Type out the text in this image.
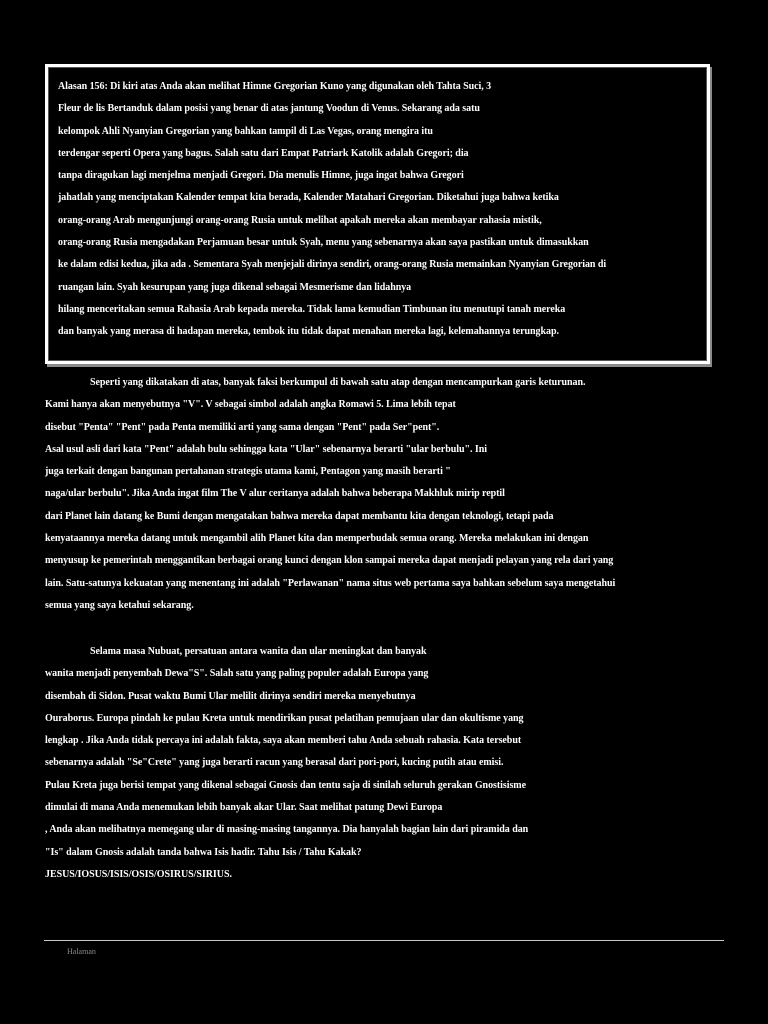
Alasan 156: Di kiri atas Anda akan melihat Himne Gregorian Kuno yang digunakan oleh Tahta Suci, 3
Fleur de lis Bertanduk dalam posisi yang benar di atas jantung Voodun di Venus. Sekarang ada satu
kelompok Ahli Nyanyian Gregorian yang bahkan tampil di Las Vegas, orang mengira itu
terdengar seperti Opera yang bagus. Salah satu dari Empat Patriark Katolik adalah Gregori; dia
tanpa diragukan lagi menjelma menjadi Gregori. Dia menulis Himne, juga ingat bahwa Gregori
jahatlah yang menciptakan Kalender tempat kita berada, Kalender Matahari Gregorian. Diketahui juga bahwa ketika
orang-orang Arab mengunjungi orang-orang Rusia untuk melihat apakah mereka akan membayar rahasia mistik,
orang-orang Rusia mengadakan Perjamuan besar untuk Syah, menu yang sebenarnya akan saya pastikan untuk dimasukkan
ke dalam edisi kedua, jika ada . Sementara Syah menjejali dirinya sendiri, orang-orang Rusia memainkan Nyanyian Gregorian di
ruangan lain. Syah kesurupan yang juga dikenal sebagai Mesmerisme dan lidahnya
hilang menceritakan semua Rahasia Arab kepada mereka. Tidak lama kemudian Timbunan itu menutupi tanah mereka
dan banyak yang merasa di hadapan mereka, tembok itu tidak dapat menahan mereka lagi, kelemahannya terungkap.
Seperti yang dikatakan di atas, banyak faksi berkumpul di bawah satu atap dengan mencampurkan garis keturunan.
Kami hanya akan menyebutnya "V". V sebagai simbol adalah angka Romawi 5. Lima lebih tepat
disebut "Penta" "Pent" pada Penta memiliki arti yang sama dengan "Pent" pada Ser"pent".
Asal usul asli dari kata "Pent" adalah bulu sehingga kata "Ular" sebenarnya berarti "ular berbulu". Ini
juga terkait dengan bangunan pertahanan strategis utama kami, Pentagon yang masih berarti "
naga/ular berbulu". Jika Anda ingat film The V alur ceritanya adalah bahwa beberapa Makhluk mirip reptil
dari Planet lain datang ke Bumi dengan mengatakan bahwa mereka dapat membantu kita dengan teknologi, tetapi pada
kenyataannya mereka datang untuk mengambil alih Planet kita dan memperbudak semua orang. Mereka melakukan ini dengan
menyusup ke pemerintah menggantikan berbagai orang kunci dengan klon sampai mereka dapat menjadi pelayan yang rela dari yang
lain. Satu-satunya kekuatan yang menentang ini adalah "Perlawanan" nama situs web pertama saya bahkan sebelum saya mengetahui
semua yang saya ketahui sekarang.
Selama masa Nubuat, persatuan antara wanita dan ular meningkat dan banyak
wanita menjadi penyembah Dewa"S". Salah satu yang paling populer adalah Europa yang
disembah di Sidon. Pusat waktu Bumi Ular melilit dirinya sendiri mereka menyebutnya
Ouraborus. Europa pindah ke pulau Kreta untuk mendirikan pusat pelatihan pemujaan ular dan okultisme yang
lengkap . Jika Anda tidak percaya ini adalah fakta, saya akan memberi tahu Anda sebuah rahasia. Kata tersebut
sebenarnya adalah "Se"Crete" yang juga berarti racun yang berasal dari pori-pori, kucing putih atau emisi.
Pulau Kreta juga berisi tempat yang dikenal sebagai Gnosis dan tentu saja di sinilah seluruh gerakan Gnostisisme
dimulai di mana Anda menemukan lebih banyak akar Ular. Saat melihat patung Dewi Europa
, Anda akan melihatnya memegang ular di masing-masing tangannya. Dia hanyalah bagian lain dari piramida dan
"Is" dalam Gnosis adalah tanda bahwa Isis hadir. Tahu Isis / Tahu Kakak?
JESUS/IOSUS/ISIS/OSIS/OSIRUS/SIRIUS.
Halaman
